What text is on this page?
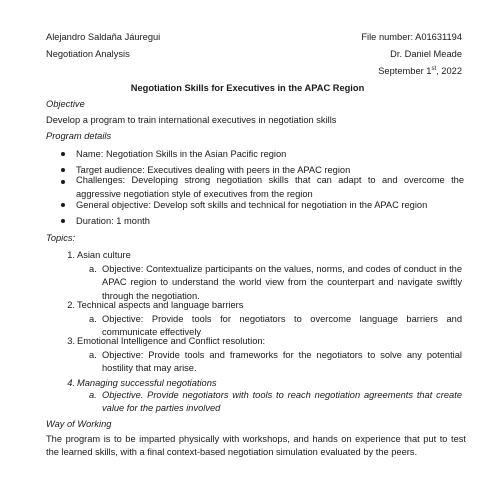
Alejandro Saldaña Jáuregui	File number: A01631194
Negotiation Analysis	Dr. Daniel Meade
September 1st, 2022
Negotiation Skills for Executives in the APAC Region
Objective
Develop a program to train international executives in negotiation skills
Program details
Name: Negotiation Skills in the Asian Pacific region
Target audience: Executives dealing with peers in the APAC region
Challenges: Developing strong negotiation skills that can adapt to and overcome the aggressive negotiation style of executives from the region
General objective: Develop soft skills and technical for negotiation in the APAC region
Duration: 1 month
Topics:
1. Asian culture
a. Objective: Contextualize participants on the values, norms, and codes of conduct in the APAC region to understand the world view from the counterpart and navigate swiftly through the negotiation.
2. Technical aspects and language barriers
a. Objective: Provide tools for negotiators to overcome language barriers and communicate effectively
3. Emotional Intelligence and Conflict resolution:
a. Objective: Provide tools and frameworks for the negotiators to solve any potential hostility that may arise.
4. Managing successful negotiations
a. Objective. Provide negotiators with tools to reach negotiation agreements that create value for the parties involved
Way of Working
The program is to be imparted physically with workshops, and hands on experience that put to test the learned skills, with a final context-based negotiation simulation evaluated by the peers.
